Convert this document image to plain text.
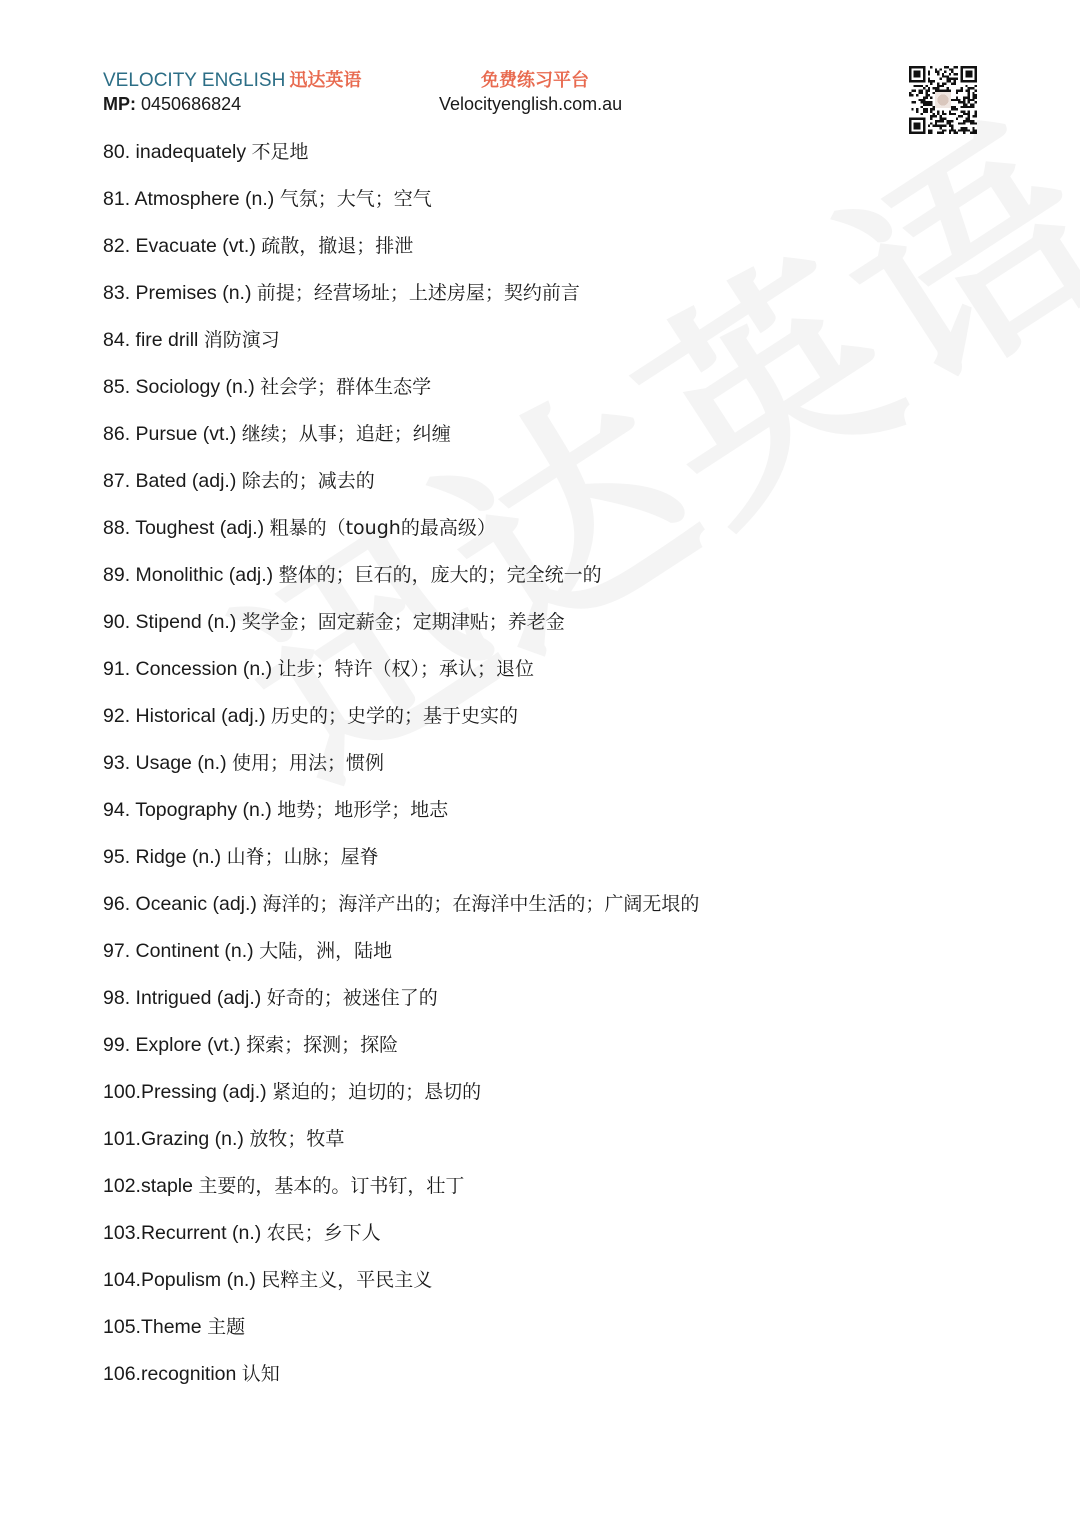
VELOCITY ENGLISH 迅达英语
MP: 0450686824
免费练习平台
Velocityenglish.com.au
80. inadequately 不足地
81. Atmosphere (n.) 气氛；大气；空气
82. Evacuate (vt.) 疏散，撤退；排泄
83. Premises (n.) 前提；经营场址；上述房屋；契约前言
84. fire drill 消防演习
85. Sociology (n.) 社会学；群体生态学
86. Pursue (vt.) 继续；从事；追赶；纠缠
87. Bated (adj.) 除去的；减去的
88. Toughest (adj.) 粗暴的（tough的最高级）
89. Monolithic (adj.) 整体的；巨石的，庞大的；完全统一的
90. Stipend (n.) 奖学金；固定薪金；定期津贴；养老金
91. Concession (n.) 让步；特许（权）；承认；退位
92. Historical (adj.) 历史的；史学的；基于史实的
93. Usage (n.) 使用；用法；惯例
94. Topography (n.) 地势；地形学；地志
95. Ridge (n.) 山脊；山脉；屋脊
96. Oceanic (adj.) 海洋的；海洋产出的；在海洋中生活的；广阔无垠的
97. Continent (n.) 大陆，洲，陆地
98. Intrigued (adj.) 好奇的；被迷住了的
99. Explore (vt.) 探索；探测；探险
100.Pressing (adj.) 紧迫的；迫切的；恳切的
101.Grazing (n.) 放牧；牧草
102.staple 主要的，基本的。订书钉，壮丁
103.Recurrent (n.) 农民；乡下人
104.Populism (n.) 民粹主义，平民主义
105.Theme 主题
106.recognition 认知
